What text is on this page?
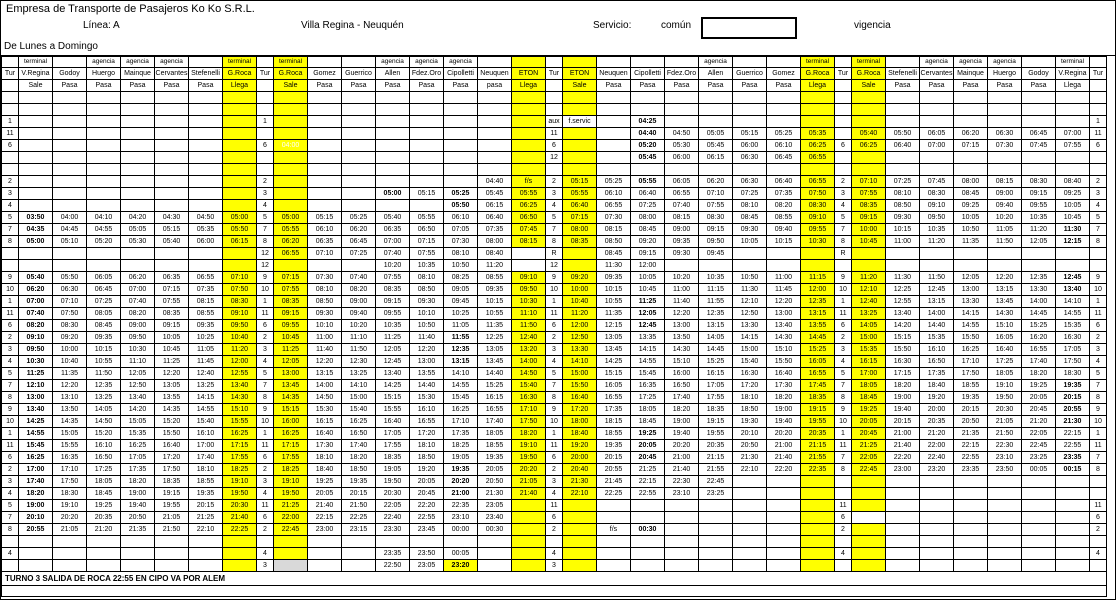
Empresa de Transporte de Pasajeros Ko Ko S.R.L.
Línea: A	Villa Regina - Neuquén	Servicio:	común	vigencia
De Lunes a Domingo
	terminal		agencia	agencia	agencia		terminal		terminal			agencia	agencia	agencia								agencia			terminal		terminal		agencia	agencia	agencia		terminal	
Tur	V.Regina	Godoy	Huergo	Mainque	Cervantes	Stefenelli	G.Roca	Tur	G.Roca	Gomez	Guerrico	Allen	Fdez.Oro	Cipolletti	Neuquen	ETON	Tur	ETON	Neuquen	Cipolletti	Fdez.Oro	Allen	Guerrico	Gomez	G.Roca	Tur	G.Roca	Stefenelli	Cervantes	Mainque	Huergo	Godoy	V.Regina	Tur
	Sale	Pasa	Pasa	Pasa	Pasa	Pasa	Llega		Sale	Pasa	Pasa	Pasa	Pasa	Pasa	pasa	Llega		Sale	Pasa	Pasa	Pasa	Pasa	Pasa	Pasa	Llega		Sale	Pasa	Pasa	Pasa	Pasa	Pasa	Llega	

1								1									aux	f.servic		04:25														1
11																	11			04:40	04:50	05:05	05:15	05:25	05:35		05:40	05:50	06:05	06:20	06:30	06:45	07:00	11
6								6	04:00								6			05:20	05:30	05:45	06:00	06:10	06:25	6	06:25	06:40	07:00	07:15	07:30	07:45	07:55	6
																	12			05:45	06:00	06:15	06:30	06:45	06:55									

2								2							04:40	f/s	2	05:15	05:25	05:55	06:05	06:20	06:30	06:40	06:55	2	07:10	07:25	07:45	08:00	08:15	08:30	08:40	2
3								3				05:00	05:15	05:25	05:45	05:55	3	05:55	06:10	06:40	06:55	07:10	07:25	07:35	07:50	3	07:55	08:10	08:30	08:45	09:00	09:15	09:25	3
4								4						05:50	06:15	06:25	4	06:40	06:55	07:25	07:40	07:55	08:10	08:20	08:30	4	08:35	08:50	09:10	09:25	09:40	09:55	10:05	4
5	03:50	04:00	04:10	04:20	04:30	04:50	05:00	5	05:00	05:15	05:25	05:40	05:55	06:10	06:40	06:50	5	07:15	07:30	08:00	08:15	08:30	08:45	08:55	09:10	5	09:15	09:30	09:50	10:05	10:20	10:35	10:45	5
7	04:35	04:45	04:55	05:05	05:15	05:35	05:50	7	05:55	06:10	06:20	06:35	06:50	07:05	07:35	07:45	7	08:00	08:15	08:45	09:00	09:15	09:30	09:40	09:55	7	10:00	10:15	10:35	10:50	11:05	11:20	11:30	7
8	05:00	05:10	05:20	05:30	05:40	06:00	06:15	8	06:20	06:35	06:45	07:00	07:15	07:30	08:00	08:15	8	08:35	08:50	09:20	09:35	09:50	10:05	10:15	10:30	8	10:45	11:00	11:20	11:35	11:50	12:05	12:15	8
								12	06:55	07:10	07:25	07:40	07:55	08:10	08:40		R		08:45	09:15	09:30	09:45				R								
								12				10:20	10:35	10:50	11:20		12		11:30	12:00														
9	05:40	05:50	06:05	06:20	06:35	06:55	07:10	9	07:15	07:30	07:40	07:55	08:10	08:25	08:55	09:10	9	09:20	09:35	10:05	10:20	10:35	10:50	11:00	11:15	9	11:20	11:30	11:50	12:05	12:20	12:35	12:45	9
10	06:20	06:30	06:45	07:00	07:15	07:35	07:50	10	07:55	08:10	08:20	08:35	08:50	09:05	09:35	09:50	10	10:00	10:15	10:45	11:00	11:15	11:30	11:45	12:00	10	12:10	12:25	12:45	13:00	13:15	13:30	13:40	10
1	07:00	07:10	07:25	07:40	07:55	08:15	08:30	1	08:35	08:50	09:00	09:15	09:30	09:45	10:15	10:30	1	10:40	10:55	11:25	11:40	11:55	12:10	12:20	12:35	1	12:40	12:55	13:15	13:30	13:45	14:00	14:10	1
11	07:40	07:50	08:05	08:20	08:35	08:55	09:10	11	09:15	09:30	09:40	09:55	10:10	10:25	10:55	11:10	11	11:20	11:35	12:05	12:20	12:35	12:50	13:00	13:15	11	13:25	13:40	14:00	14:15	14:30	14:45	14:55	11
6	08:20	08:30	08:45	09:00	09:15	09:35	09:50	6	09:55	10:10	10:20	10:35	10:50	11:05	11:35	11:50	6	12:00	12:15	12:45	13:00	13:15	13:30	13:40	13:55	6	14:05	14:20	14:40	14:55	15:10	15:25	15:35	6
2	09:10	09:20	09:35	09:50	10:05	10:25	10:40	2	10:45	11:00	11:10	11:25	11:40	11:55	12:25	12:40	2	12:50	13:05	13:35	13:50	14:05	14:15	14:30	14:45	2	15:00	15:15	15:35	15:50	16:05	16:20	16:30	2
3	09:50	10:00	10:15	10:30	10:45	11:05	11:20	3	11:25	11:40	11:50	12:05	12:20	12:35	13:05	13:20	3	13:30	13:45	14:15	14:30	14:45	15:00	15:10	15:25	3	15:35	15:50	16:10	16:25	16:40	16:55	17:05	3
4	10:30	10:40	10:55	11:10	11:25	11:45	12:00	4	12:05	12:20	12:30	12:45	13:00	13:15	13:45	14:00	4	14:10	14:25	14:55	15:10	15:25	15:40	15:50	16:05	4	16:15	16:30	16:50	17:10	17:25	17:40	17:50	4
5	11:25	11:35	11:50	12:05	12:20	12:40	12:55	5	13:00	13:15	13:25	13:40	13:55	14:10	14:40	14:50	5	15:00	15:15	15:45	16:00	16:15	16:30	16:40	16:55	5	17:00	17:15	17:35	17:50	18:05	18:20	18:30	5
7	12:10	12:20	12:35	12:50	13:05	13:25	13:40	7	13:45	14:00	14:10	14:25	14:40	14:55	15:25	15:40	7	15:50	16:05	16:35	16:50	17:05	17:20	17:30	17:45	7	18:05	18:20	18:40	18:55	19:10	19:25	19:35	7
8	13:00	13:10	13:25	13:40	13:55	14:15	14:30	8	14:35	14:50	15:00	15:15	15:30	15:45	16:15	16:30	8	16:40	16:55	17:25	17:40	17:55	18:10	18:20	18:35	8	18:45	19:00	19:20	19:35	19:50	20:05	20:15	8
9	13:40	13:50	14:05	14:20	14:35	14:55	15:10	9	15:15	15:30	15:40	15:55	16:10	16:25	16:55	17:10	9	17:20	17:35	18:05	18:20	18:35	18:50	19:00	19:15	9	19:25	19:40	20:00	20:15	20:30	20:45	20:55	9
10	14:25	14:35	14:50	15:05	15:20	15:40	15:55	10	16:00	16:15	16:25	16:40	16:55	17:10	17:40	17:50	10	18:00	18:15	18:45	19:00	19:15	19:30	19:40	19:55	10	20:05	20:15	20:35	20:50	21:05	21:20	21:30	10
1	14:55	15:05	15:20	15:35	15:50	16:10	16:25	1	16:25	16:40	16:50	17:05	17:20	17:35	18:05	18:20	1	18:40	18:55	19:25	19:40	19:55	20:10	20:20	20:35	1	20:45	21:00	21:20	21:35	21:50	22:05	22:15	1
11	15:45	15:55	16:10	16:25	16:40	17:00	17:15	11	17:15	17:30	17:40	17:55	18:10	18:25	18:55	19:10	11	19:20	19:35	20:05	20:20	20:35	20:50	21:00	21:15	11	21:25	21:40	22:00	22:15	22:30	22:45	22:55	11
6	16:25	16:35	16:50	17:05	17:20	17:40	17:55	6	17:55	18:10	18:20	18:35	18:50	19:05	19:35	19:50	6	20:00	20:15	20:45	21:00	21:15	21:30	21:40	21:55	7	22:05	22:20	22:40	22:55	23:10	23:25	23:35	7
2	17:00	17:10	17:25	17:35	17:50	18:10	18:25	2	18:25	18:40	18:50	19:05	19:20	19:35	20:05	20:20	2	20:40	20:55	21:25	21:40	21:55	22:10	22:20	22:35	8	22:45	23:00	23:20	23:35	23:50	00:05	00:15	8
3	17:40	17:50	18:05	18:20	18:35	18:55	19:10	3	19:10	19:25	19:35	19:50	20:05	20:20	20:50	21:05	3	21:30	21:45	22:15	22:30	22:45												
4	18:20	18:30	18:45	19:00	19:15	19:35	19:50	4	19:50	20:05	20:15	20:30	20:45	21:00	21:30	21:40	4	22:10	22:25	22:55	23:10	23:25												
5	19:00	19:10	19:25	19:40	19:55	20:15	20:30	11	21:25	21:40	21:50	22:05	22:20	22:35	23:05		11									11								11
7	20:10	20:20	20:35	20:50	21:05	21:25	21:40	6	22:00	22:15	22:25	22:40	22:55	23:10	23:40		6									6								6
8	20:55	21:05	21:20	21:35	21:50	22:10	22:25	2	22:45	23:00	23:15	23:30	23:45	00:00	00:30		2		f/s	00:30						2								2

4								4				23:35	23:50	00:05			4									4								4
								3				22:50	23:05	23:20			3																	
TURNO 3 SALIDA DE ROCA 22:55 EN CIPO VA POR ALEM																																		
